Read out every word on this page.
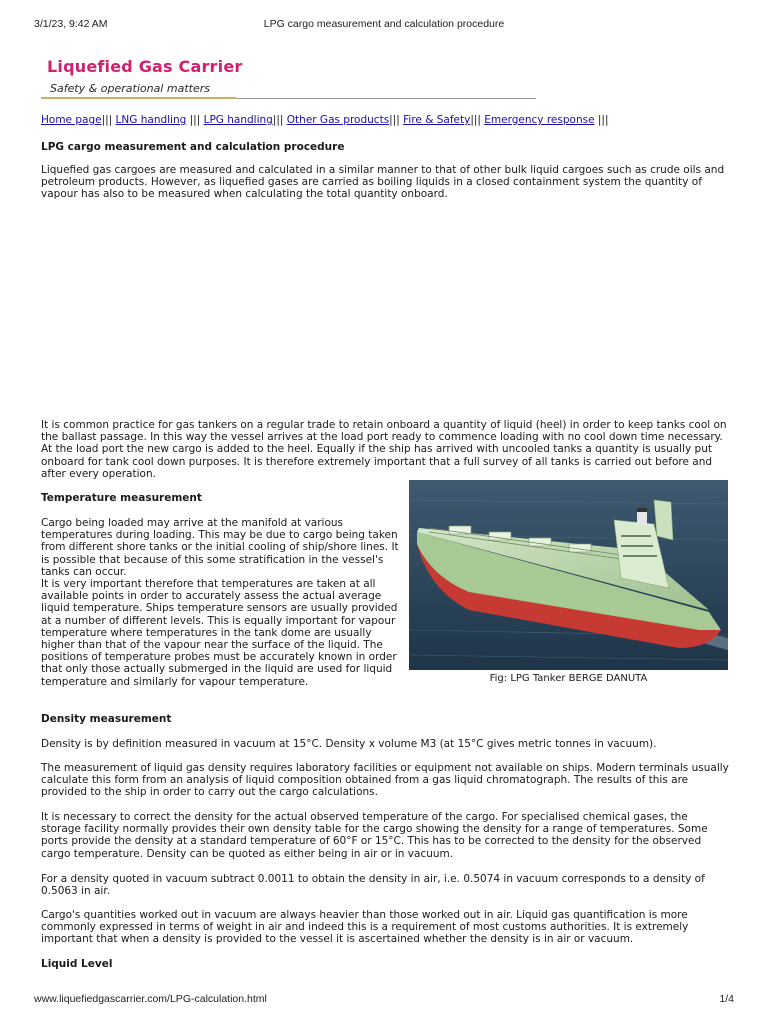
3/1/23, 9:42 AM	LPG cargo measurement and calculation procedure
Liquefied Gas Carrier
Safety & operational matters
Home page||| LNG handling ||| LPG handling||| Other Gas products||| Fire & Safety||| Emergency response |||
LPG cargo measurement and calculation procedure
Liquefied gas cargoes are measured and calculated in a similar manner to that of other bulk liquid cargoes such as crude oils and petroleum products. However, as liquefied gases are carried as boiling liquids in a closed containment system the quantity of vapour has also to be measured when calculating the total quantity onboard.
It is common practice for gas tankers on a regular trade to retain onboard a quantity of liquid (heel) in order to keep tanks cool on the ballast passage. In this way the vessel arrives at the load port ready to commence loading with no cool down time necessary. At the load port the new cargo is added to the heel. Equally if the ship has arrived with uncooled tanks a quantity is usually put onboard for tank cool down purposes. It is therefore extremely important that a full survey of all tanks is carried out before and after every operation.
Temperature measurement
Cargo being loaded may arrive at the manifold at various temperatures during loading. This may be due to cargo being taken from different shore tanks or the initial cooling of ship/shore lines. It is possible that because of this some stratification in the vessel's tanks can occur.
It is very important therefore that temperatures are taken at all available points in order to accurately assess the actual average liquid temperature. Ships temperature sensors are usually provided at a number of different levels. This is equally important for vapour temperature where temperatures in the tank dome are usually higher than that of the vapour near the surface of the liquid. The positions of temperature probes must be accurately known in order that only those actually submerged in the liquid are used for liquid temperature and similarly for vapour temperature.	Fig: LPG Tanker BERGE DANUTA
Density measurement
Density is by definition measured in vacuum at 15°C. Density x volume M3 (at 15°C gives metric tonnes in vacuum).
The measurement of liquid gas density requires laboratory facilities or equipment not available on ships. Modern terminals usually calculate this form from an analysis of liquid composition obtained from a gas liquid chromatograph. The results of this are provided to the ship in order to carry out the cargo calculations.
It is necessary to correct the density for the actual observed temperature of the cargo. For specialised chemical gases, the storage facility normally provides their own density table for the cargo showing the density for a range of temperatures. Some ports provide the density at a standard temperature of 60°F or 15°C. This has to be corrected to the density for the observed cargo temperature. Density can be quoted as either being in air or in vacuum.
For a density quoted in vacuum subtract 0.0011 to obtain the density in air, i.e. 0.5074 in vacuum corresponds to a density of 0.5063 in air.
Cargo's quantities worked out in vacuum are always heavier than those worked out in air. Liquid gas quantification is more commonly expressed in terms of weight in air and indeed this is a requirement of most customs authorities. It is extremely important that when a density is provided to the vessel it is ascertained whether the density is in air or vacuum.
Liquid Level
www.liquefiedgascarrier.com/LPG-calculation.html	1/4
